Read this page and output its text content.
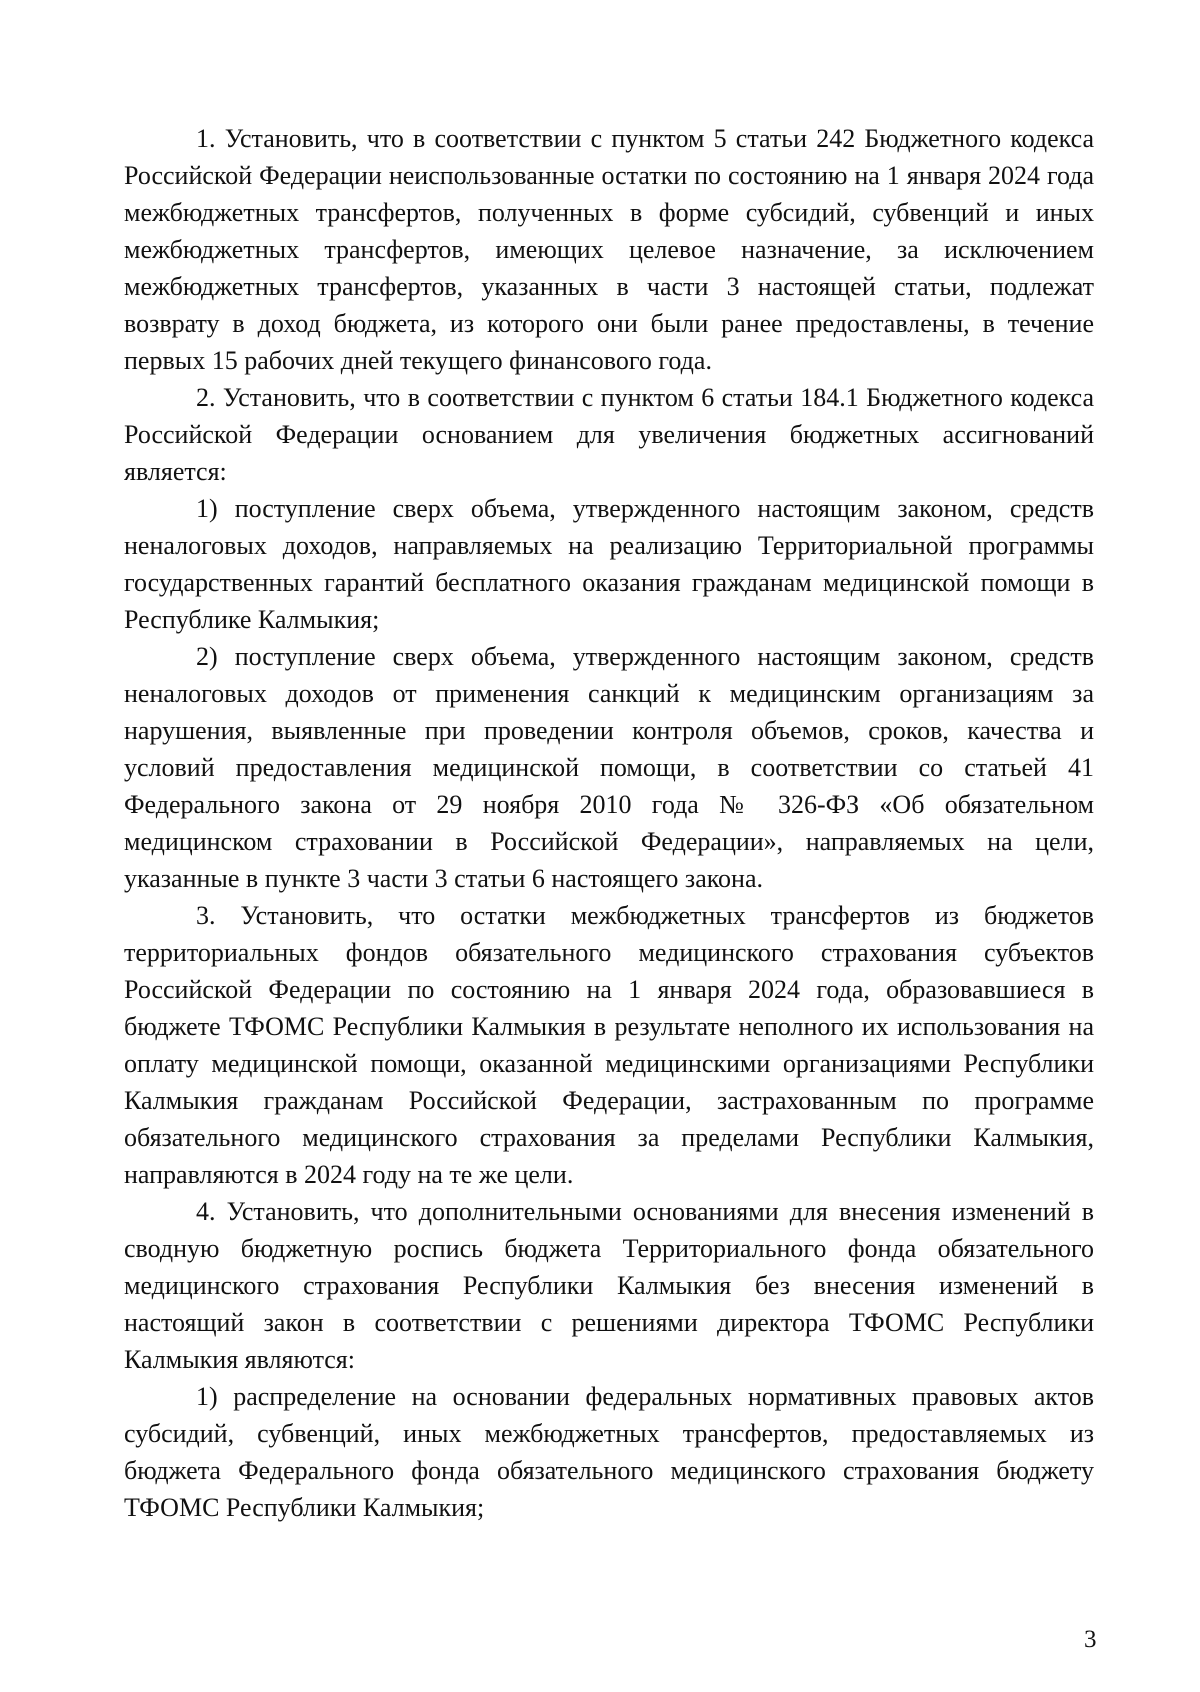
1. Установить, что в соответствии с пунктом 5 статьи 242 Бюджетного кодекса Российской Федерации неиспользованные остатки по состоянию на 1 января 2024 года межбюджетных трансфертов, полученных в форме субсидий, субвенций и иных межбюджетных трансфертов, имеющих целевое назначение, за исключением межбюджетных трансфертов, указанных в части 3 настоящей статьи, подлежат возврату в доход бюджета, из которого они были ранее предоставлены, в течение первых 15 рабочих дней текущего финансового года.

2. Установить, что в соответствии с пунктом 6 статьи 184.1 Бюджетного кодекса Российской Федерации основанием для увеличения бюджетных ассигнований является:

1) поступление сверх объема, утвержденного настоящим законом, средств неналоговых доходов, направляемых на реализацию Территориальной программы государственных гарантий бесплатного оказания гражданам медицинской помощи в Республике Калмыкия;

2) поступление сверх объема, утвержденного настоящим законом, средств неналоговых доходов от применения санкций к медицинским организациям за нарушения, выявленные при проведении контроля объемов, сроков, качества и условий предоставления медицинской помощи, в соответствии со статьей 41 Федерального закона от 29 ноября 2010 года № 326-ФЗ «Об обязательном медицинском страховании в Российской Федерации», направляемых на цели, указанные в пункте 3 части 3 статьи 6 настоящего закона.

3. Установить, что остатки межбюджетных трансфертов из бюджетов территориальных фондов обязательного медицинского страхования субъектов Российской Федерации по состоянию на 1 января 2024 года, образовавшиеся в бюджете ТФОМС Республики Калмыкия в результате неполного их использования на оплату медицинской помощи, оказанной медицинскими организациями Республики Калмыкия гражданам Российской Федерации, застрахованным по программе обязательного медицинского страхования за пределами Республики Калмыкия, направляются в 2024 году на те же цели.

4. Установить, что дополнительными основаниями для внесения изменений в сводную бюджетную роспись бюджета Территориального фонда обязательного медицинского страхования Республики Калмыкия без внесения изменений в настоящий закон в соответствии с решениями директора ТФОМС Республики Калмыкия являются:

1) распределение на основании федеральных нормативных правовых актов субсидий, субвенций, иных межбюджетных трансфертов, предоставляемых из бюджета Федерального фонда обязательного медицинского страхования бюджету ТФОМС Республики Калмыкия;

3
